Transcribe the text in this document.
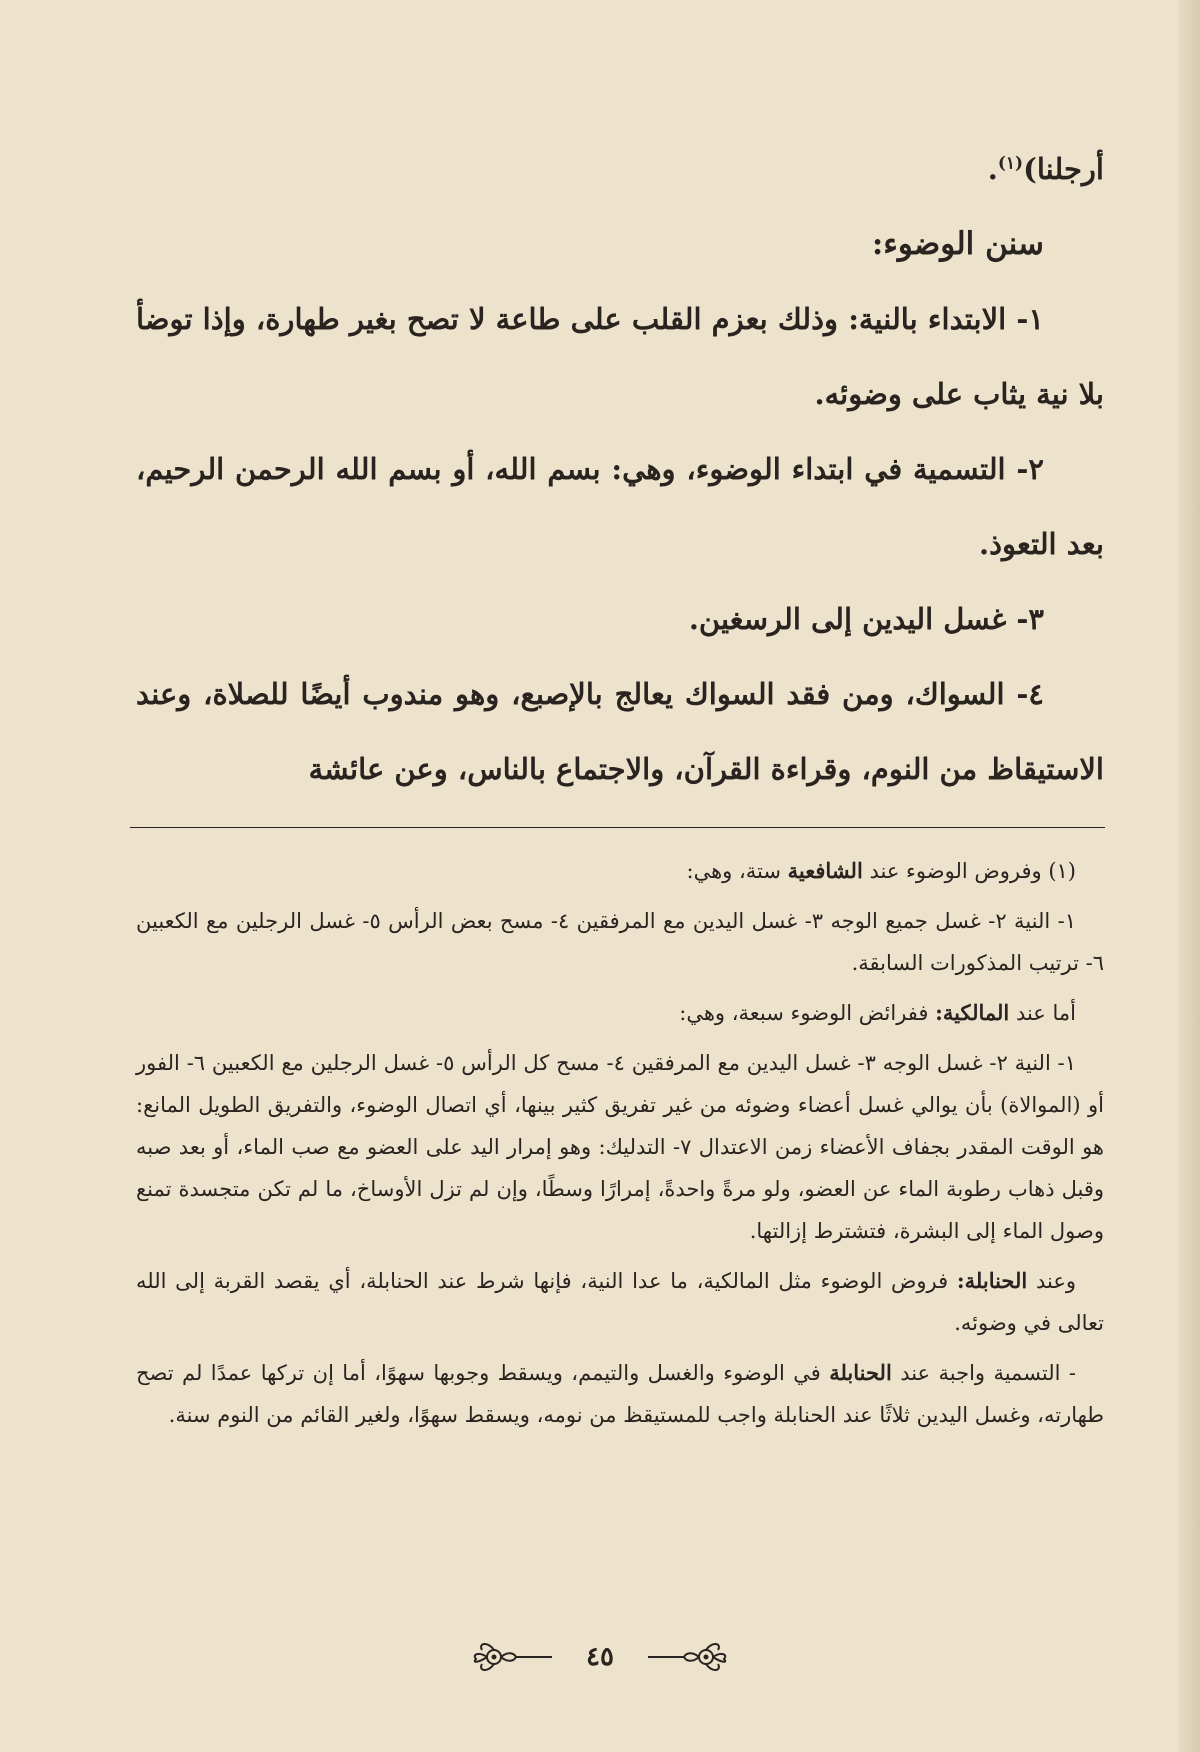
أرجلنا)$^{(١)}$.

سنن الوضوء:

١- الابتداء بالنية: وذلك بعزم القلب على طاعة لا تصح بغير طهارة، وإذا توضأ بلا نية يثاب على وضوئه.

٢- التسمية في ابتداء الوضوء، وهي: بسم الله، أو بسم الله الرحمن الرحيم، بعد التعوذ.

٣- غسل اليدين إلى الرسغين.

٤- السواك، ومن فقد السواك يعالج بالإصبع، وهو مندوب أيضًا للصلاة، وعند الاستيقاظ من النوم، وقراءة القرآن، والاجتماع بالناس، وعن عائشة

(١) وفروض الوضوء عند الشافعية ستة، وهي:

١- النية ٢- غسل جميع الوجه ٣- غسل اليدين مع المرفقين ٤- مسح بعض الرأس ٥- غسل الرجلين مع الكعبين ٦- ترتيب المذكورات السابقة.

أما عند المالكية: ففرائض الوضوء سبعة، وهي:

١- النية ٢- غسل الوجه ٣- غسل اليدين مع المرفقين ٤- مسح كل الرأس ٥- غسل الرجلين مع الكعبين ٦- الفور أو (الموالاة) بأن يوالي غسل أعضاء وضوئه من غير تفريق كثير بينها، أي اتصال الوضوء، والتفريق الطويل المانع: هو الوقت المقدر بجفاف الأعضاء زمن الاعتدال ٧- التدليك: وهو إمرار اليد على العضو مع صب الماء، أو بعد صبه وقبل ذهاب رطوبة الماء عن العضو، ولو مرةً واحدةً، إمرارًا وسطًا، وإن لم تزل الأوساخ، ما لم تكن متجسدة تمنع وصول الماء إلى البشرة، فتشترط إزالتها.

وعند الحنابلة: فروض الوضوء مثل المالكية، ما عدا النية، فإنها شرط عند الحنابلة، أي يقصد القربة إلى الله تعالى في وضوئه.

- التسمية واجبة عند الحنابلة في الوضوء والغسل والتيمم، ويسقط وجوبها سهوًا، أما إن تركها عمدًا لم تصح طهارته، وغسل اليدين ثلاثًا عند الحنابلة واجب للمستيقظ من نومه، ويسقط سهوًا، ولغير القائم من النوم سنة.

٤٥
